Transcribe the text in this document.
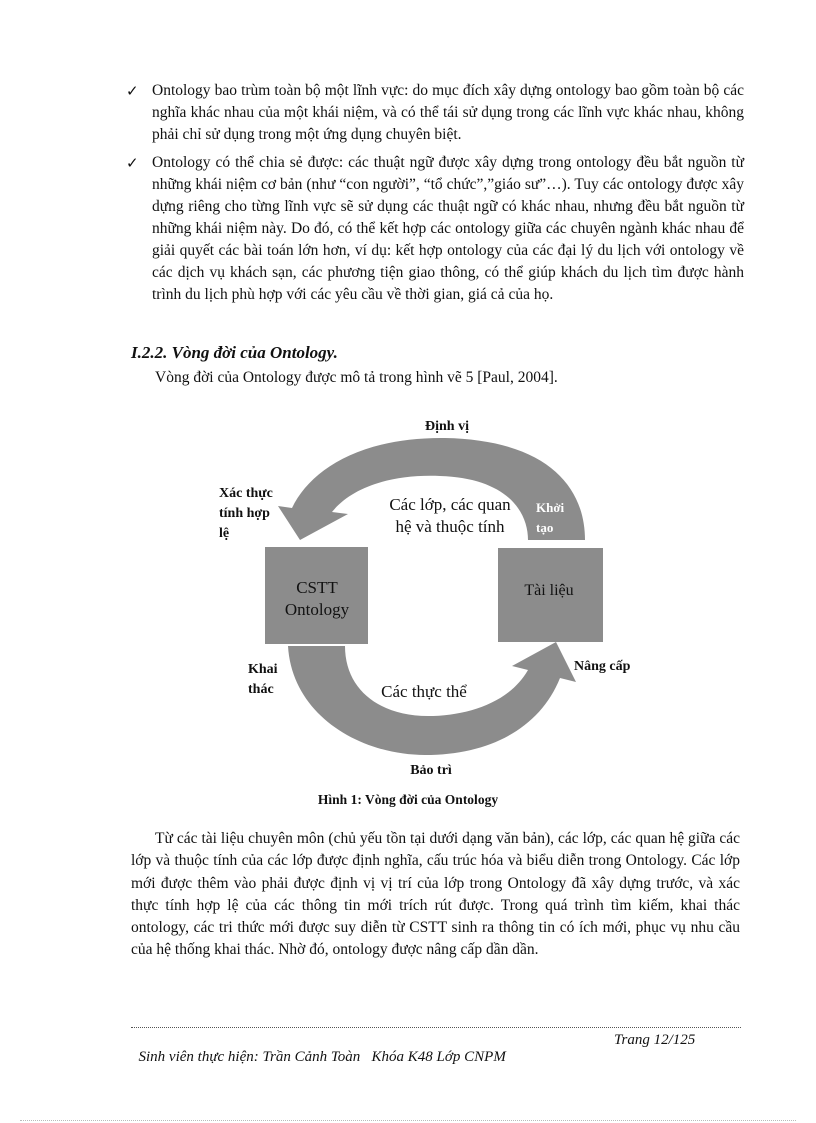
✓ Ontology bao trùm toàn bộ một lĩnh vực: do mục đích xây dựng ontology bao gồm toàn bộ các nghĩa khác nhau của một khái niệm, và có thể tái sử dụng trong các lĩnh vực khác nhau, không phải chỉ sử dụng trong một ứng dụng chuyên biệt.
✓ Ontology có thể chia sẻ được: các thuật ngữ được xây dựng trong ontology đều bắt nguồn từ những khái niệm cơ bản (như “con người”, “tổ chức”,”giáo sư”…). Tuy các ontology được xây dựng riêng cho từng lĩnh vực sẽ sử dụng các thuật ngữ có khác nhau, nhưng đều bắt nguồn từ những khái niệm này. Do đó, có thể kết hợp các ontology giữa các chuyên ngành khác nhau để giải quyết các bài toán lớn hơn, ví dụ: kết hợp ontology của các đại lý du lịch với ontology về các dịch vụ khách sạn, các phương tiện giao thông, có thể giúp khách du lịch tìm được hành trình du lịch phù hợp với các yêu cầu về thời gian, giá cả của họ.
I.2.2. Vòng đời của Ontology.
Vòng đời của Ontology được mô tả trong hình vẽ 5 [Paul, 2004].
CSTT
Ontology
Tài liệu
Định vị
Bảo trì
Xác thực
tính hợp
lệ
Khai
thác
Nâng cấp
Các lớp, các quan
hệ và thuộc tính
Các thực thể
Khởi
tạo
Hình 1: Vòng đời của Ontology
Từ các tài liệu chuyên môn (chủ yếu tồn tại dưới dạng văn bản), các lớp, các quan hệ giữa các lớp và thuộc tính của các lớp được định nghĩa, cấu trúc hóa và biểu diễn trong Ontology. Các lớp mới được thêm vào phải được định vị vị trí của lớp trong Ontology đã xây dựng trước, và xác thực tính hợp lệ của các thông tin mới trích rút được. Trong quá trình tìm kiếm, khai thác ontology, các tri thức mới được suy diễn từ CSTT sinh ra thông tin có ích mới, phục vụ nhu cầu của hệ thống khai thác. Nhờ đó, ontology được nâng cấp dần dần.

Sinh viên thực hiện: Trần Cảnh Toàn   Khóa K48 Lớp CNPM

Trang 12/125
